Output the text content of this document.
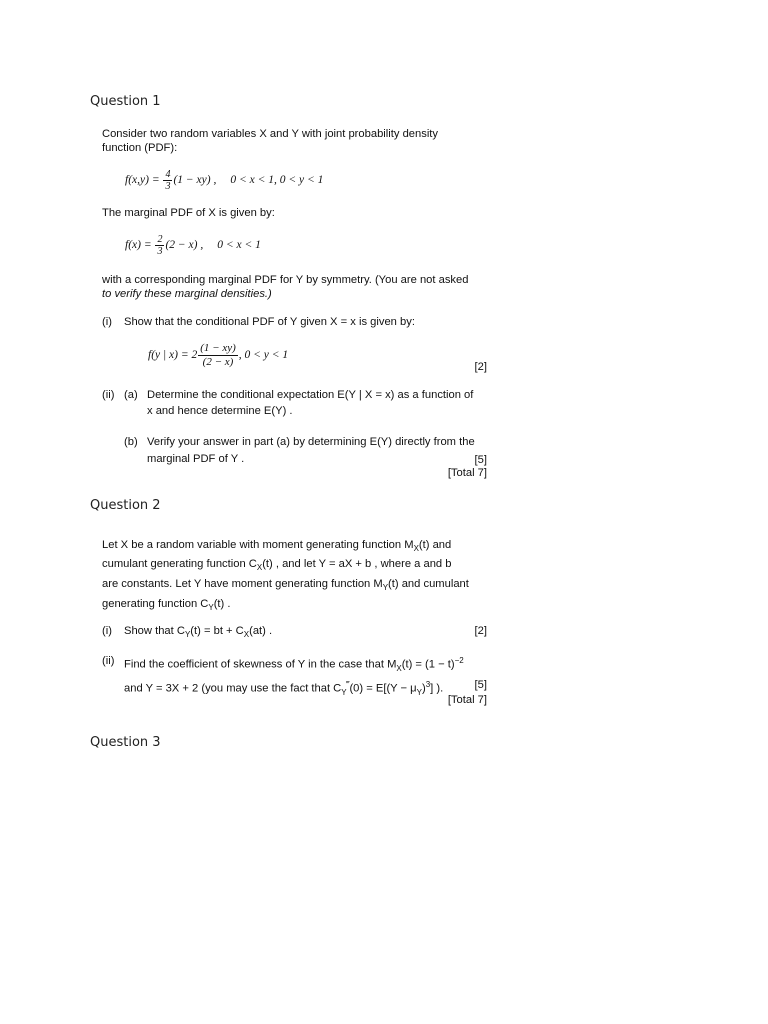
Question 1
Consider two random variables X and Y with joint probability density
function (PDF):
$f(x,y) = \frac{4}{3} (1 - xy)$ , 0 < x < 1, 0 < y < 1
The marginal PDF of X is given by:
$f(x) = \frac{2}{3} (2 - x)$ , 0 < x < 1
with a corresponding marginal PDF for Y by symmetry. (You are not asked
to verify these marginal densities.)
(i) Show that the conditional PDF of Y given X = x is given by:
f(y | $x) = 2 \frac{(1 - xy)}{(2 - x)}$ , 0 < y < 1
[2]
(ii) (a) Determine the conditional expectation E(Y | X = x) as a function of
x and hence determine E(Y) .
(b) Verify your answer in part (a) by determining E(Y) directly from the
marginal PDF of Y .	[5]
[Total 7]
Question 2
Let X be a random variable with moment generating function $M_X(t)$ and
cumulant generating function $C_X(t)$ , and let Y = aX + b , where a and b
are constants. Let Y have moment generating function $M_Y(t)$ and cumulant
generating function $C_Y(t)$ .
(i) Show that $C_Y(t)$ = bt + $C_X(at)$ .	[2]
(ii) Find the coefficient of skewness of Y in the case that $M_X(t) = (1 - t)^{-2}$
and Y = 3X + 2 (you may use the fact that $C_Y^‴(0) = E[(Y - \mu_Y)^3]$ ).	[5]
[Total 7]
Question 3
